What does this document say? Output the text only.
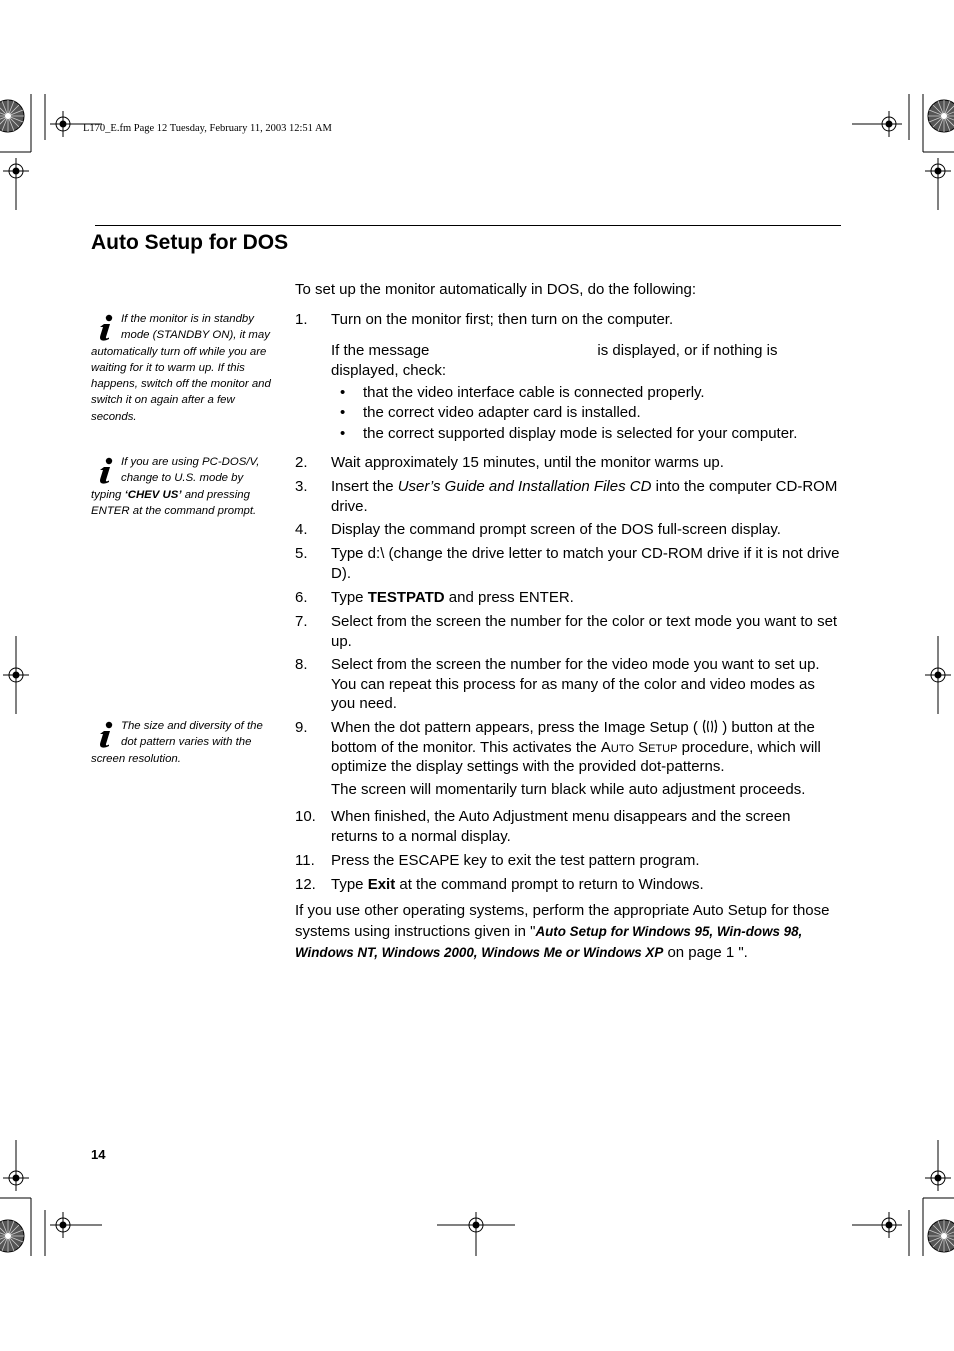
L170_E.fm Page 12 Tuesday, February 11, 2003 12:51 AM
Auto Setup for DOS
If the monitor is in standby mode (STANDBY ON), it may automatically turn off while you are waiting for it to warm up. If this happens, switch off the monitor and switch it on again after a few seconds.
If you are using PC-DOS/V, change to U.S. mode by typing ‘CHEV US’ and pressing ENTER at the command prompt.
The size and diversity of the dot pattern varies with the screen resolution.
To set up the monitor automatically in DOS, do the following:
1. Turn on the monitor first; then turn on the computer.
If the message	is displayed, or if nothing is displayed, check:
• that the video interface cable is connected properly.
• the correct video adapter card is installed.
• the correct supported display mode is selected for your computer.
2. Wait approximately 15 minutes, until the monitor warms up.
3. Insert the User’s Guide and Installation Files CD into the computer CD-ROM drive.
4. Display the command prompt screen of the DOS full-screen display.
5. Type d:\ (change the drive letter to match your CD-ROM drive if it is not drive D).
6. Type TESTPATD and press ENTER.
7. Select from the screen the number for the color or text mode you want to set up.
8. Select from the screen the number for the video mode you want to set up. You can repeat this process for as many of the color and video modes as you need.
9. When the dot pattern appears, press the Image Setup (  ) button at the bottom of the monitor. This activates the Auto Setup procedure, which will optimize the display settings with the provided dot-patterns.
The screen will momentarily turn black while auto adjustment proceeds.
10. When finished, the Auto Adjustment menu disappears and the screen returns to a normal display.
11. Press the ESCAPE key to exit the test pattern program.
12. Type Exit at the command prompt to return to Windows.
If you use other operating systems, perform the appropriate Auto Setup for those systems using instructions given in "Auto Setup for Windows 95, Win-dows 98, Windows NT, Windows 2000, Windows Me or Windows XP on page 1 ".
14
